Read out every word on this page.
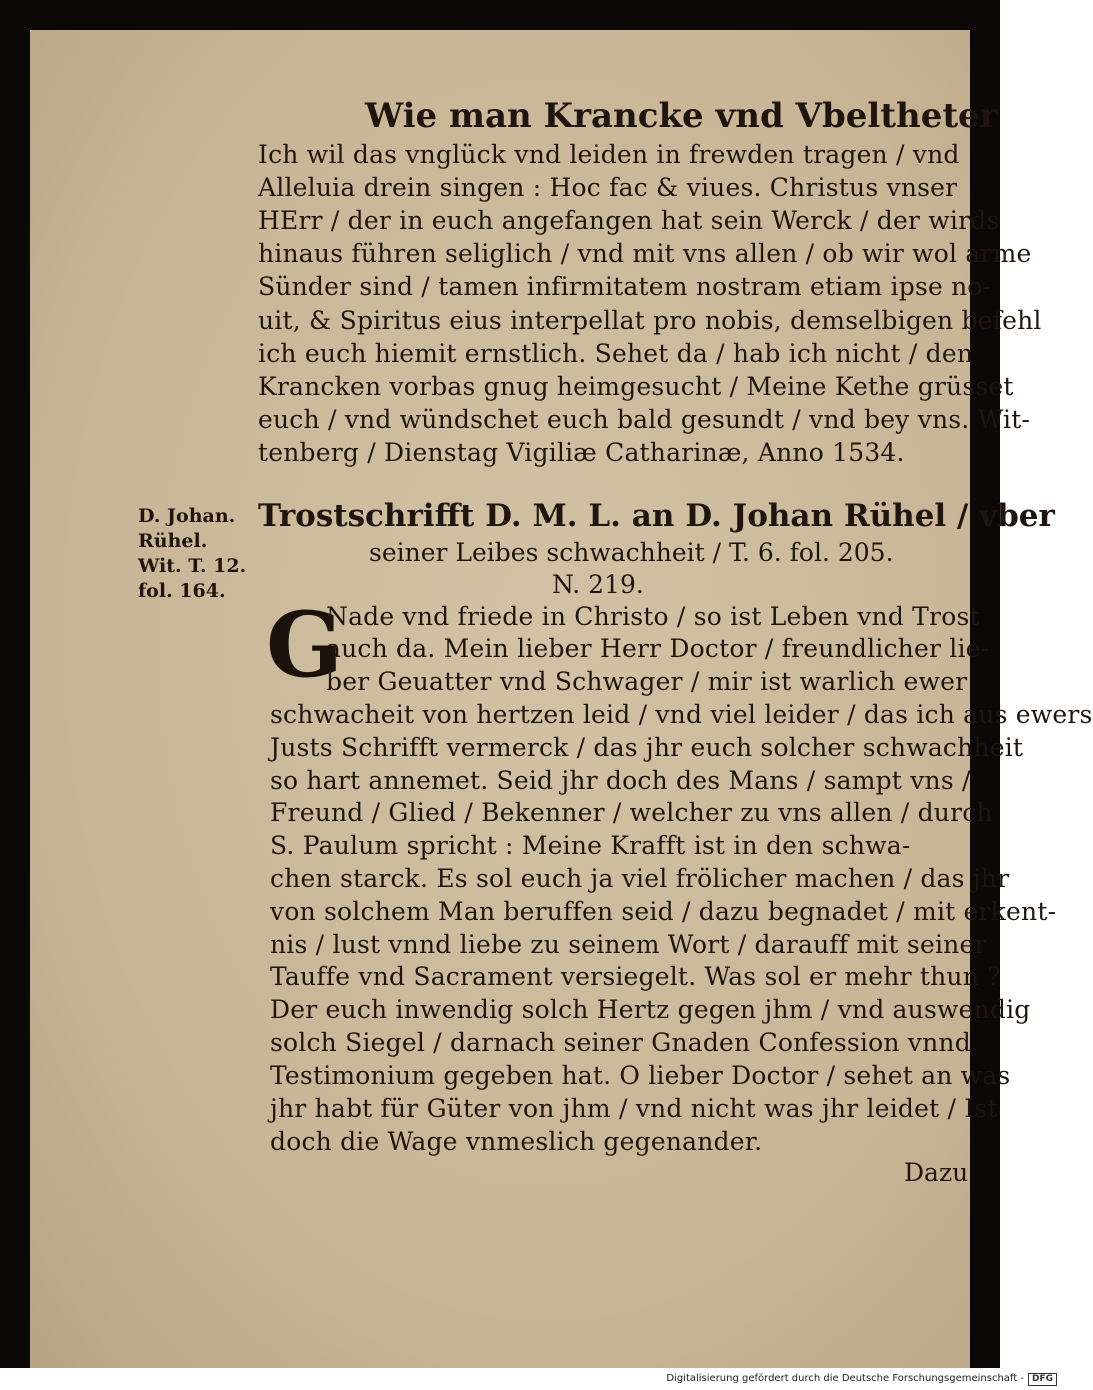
Wie man Krancke vnd Vbeltheter
Ich wil das vnglück vnd leiden in frewden tragen / vnd
Alleluia drein singen : Hoc fac & viues. Christus vnser
HErr / der in euch angefangen hat sein Werck / der wirds
hinaus führen seliglich / vnd mit vns allen / ob wir wol arme
Sünder sind / tamen infirmitatem nostram etiam ipse no-
uit, & Spiritus eius interpellat pro nobis, demselbigen befehl
ich euch hiemit ernstlich. Sehet da / hab ich nicht / den
Krancken vorbas gnug heimgesucht / Meine Kethe grüsset
euch / vnd wündschet euch bald gesundt / vnd bey vns. Wit-
tenberg / Dienstag Vigiliæ Catharinæ, Anno 1534.
D. Johan.
Rühel.
Wit. T. 12.
fol. 164.
Trostschrifft D. M. L. an D. Johan Rühel / vber
seiner Leibes schwachheit / T. 6. fol. 205.
N. 219.
G
Nade vnd friede in Christo / so ist Leben vnd Trost
auch da. Mein lieber Herr Doctor / freundlicher lie-
ber Geuatter vnd Schwager / mir ist warlich ewer
schwacheit von hertzen leid / vnd viel leider / das ich aus ewers
Justs Schrifft vermerck / das jhr euch solcher schwachheit
so hart annemet. Seid jhr doch des Mans / sampt vns /
Freund / Glied / Bekenner / welcher zu vns allen / durch
S. Paulum spricht : Meine Krafft ist in den schwa-
chen starck. Es sol euch ja viel frölicher machen / das jhr
von solchem Man beruffen seid / dazu begnadet / mit erkent-
nis / lust vnnd liebe zu seinem Wort / darauff mit seiner
Tauffe vnd Sacrament versiegelt. Was sol er mehr thun ?
Der euch inwendig solch Hertz gegen jhm / vnd auswendig
solch Siegel / darnach seiner Gnaden Confession vnnd
Testimonium gegeben hat. O lieber Doctor / sehet an was
jhr habt für Güter von jhm / vnd nicht was jhr leidet / Ist
doch die Wage vnmeslich gegenander.
Dazu
Digitalisierung gefördert durch die Deutsche Forschungsgemeinschaft - DFG
